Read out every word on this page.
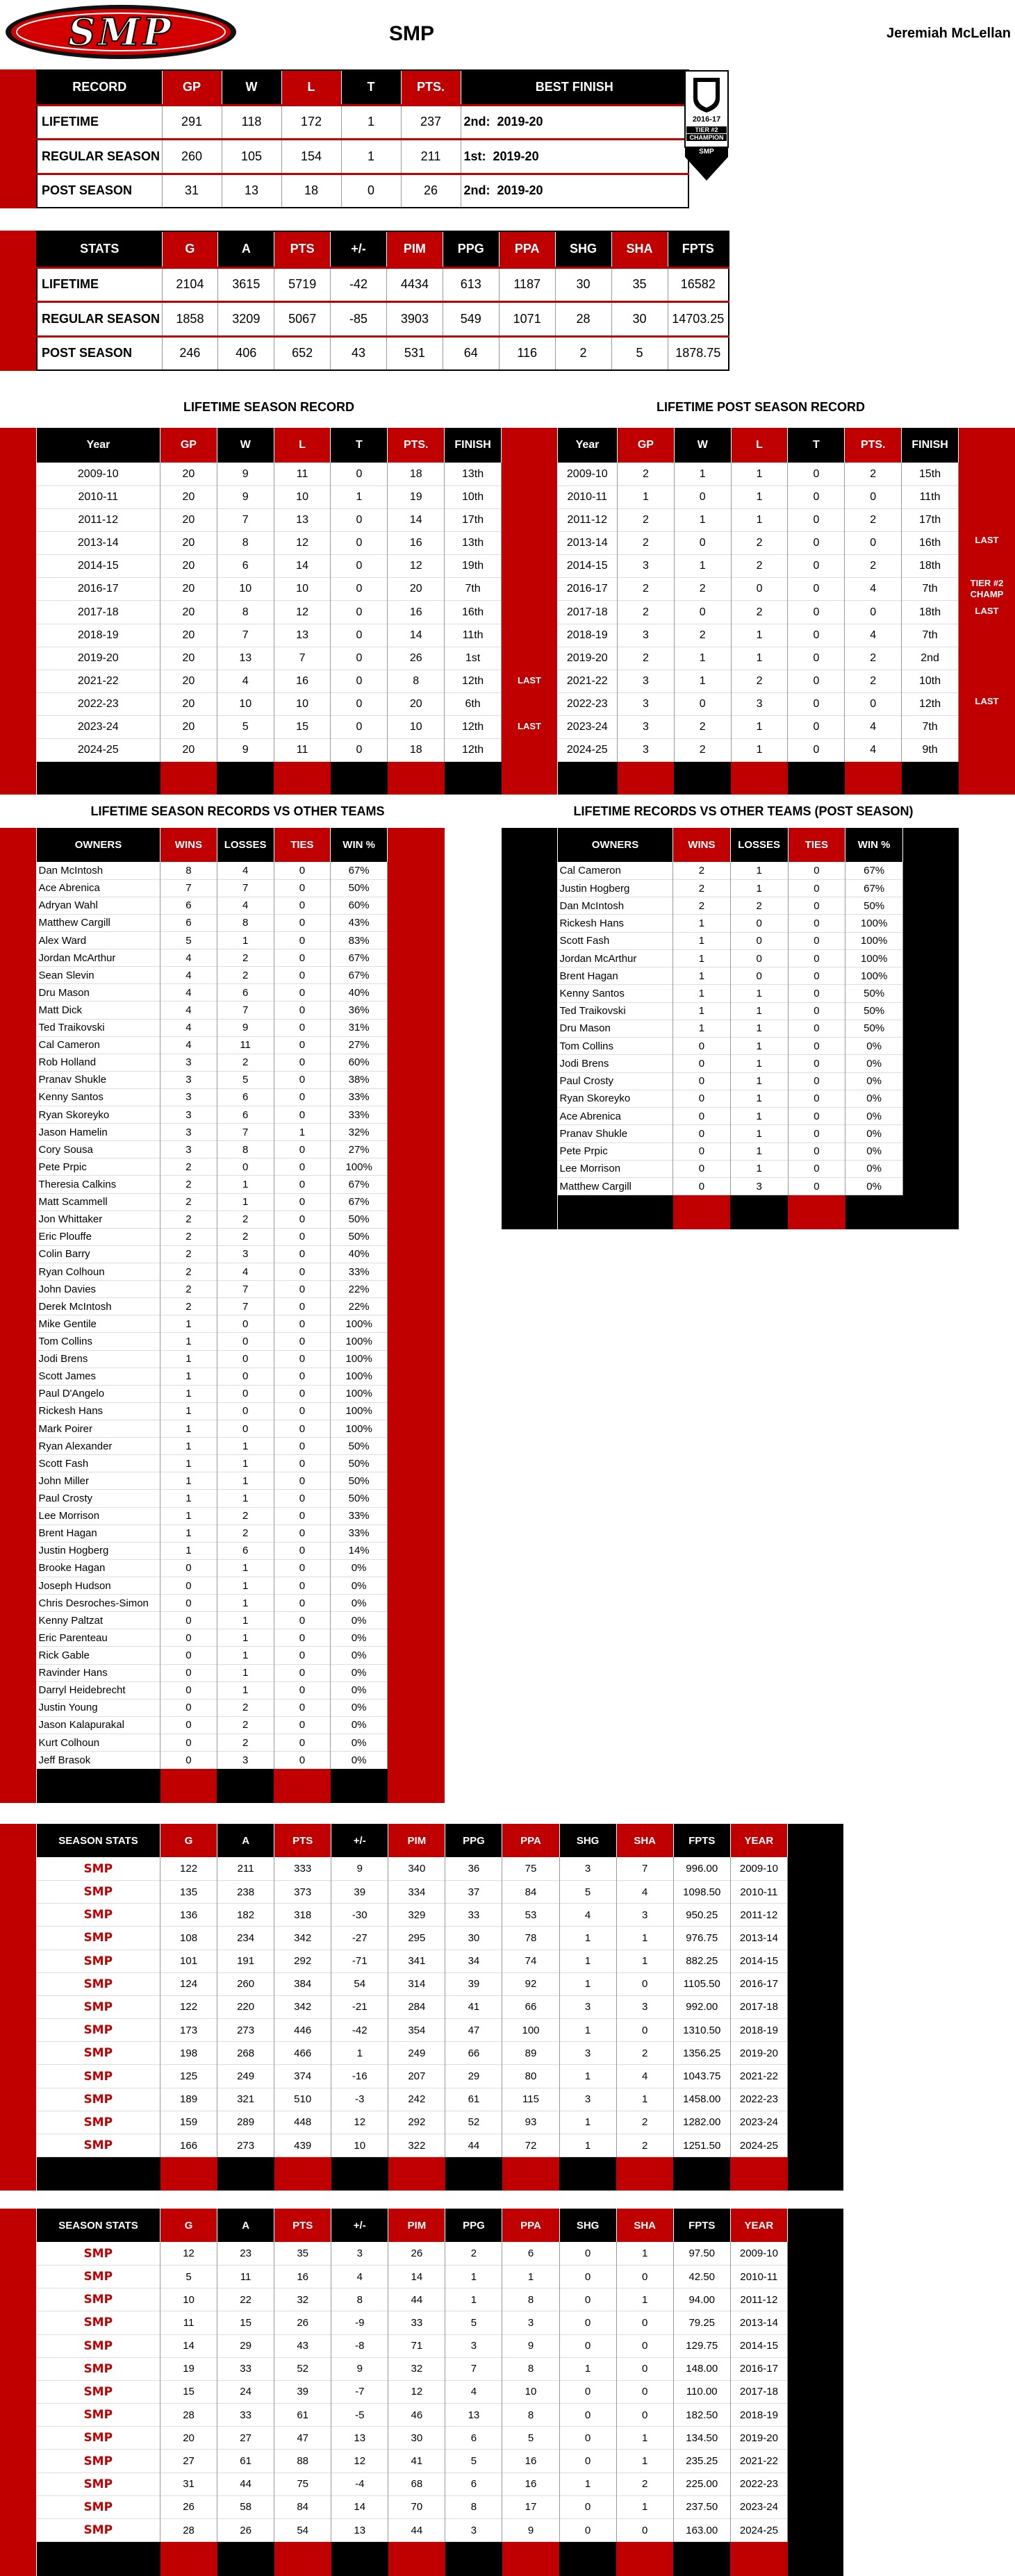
SMP	SMP	Jeremiah McLellan
RECORD	GP	W	L	T	PTS.	BEST FINISH
LIFETIME	291	118	172	1	237	2nd: 2019-20
REGULAR SEASON	260	105	154	1	211	1st: 2019-20
POST SEASON	31	13	18	0	26	2nd: 2019-20
2016-17
TIER #2
CHAMPION
SMP
STATS	G	A	PTS	+/-	PIM	PPG	PPA	SHG	SHA	FPTS
LIFETIME	2104	3615	5719	-42	4434	613	1187	30	35	16582
REGULAR SEASON	1858	3209	5067	-85	3903	549	1071	28	30	14703.25
POST SEASON	246	406	652	43	531	64	116	2	5	1878.75
LIFETIME SEASON RECORD	LIFETIME POST SEASON RECORD
Year	GP	W	L	T	PTS.	FINISH
2009-10	20	9	11	0	18	13th
2010-11	20	9	10	1	19	10th
2011-12	20	7	13	0	14	17th
2013-14	20	8	12	0	16	13th
2014-15	20	6	14	0	12	19th
2016-17	20	10	10	0	20	7th
2017-18	20	8	12	0	16	16th
2018-19	20	7	13	0	14	11th
2019-20	20	13	7	0	26	1st
2021-22	20	4	16	0	8	12th
2022-23	20	10	10	0	20	6th
2023-24	20	5	15	0	10	12th
2024-25	20	9	11	0	18	12th

LAST
LAST
Year	GP	W	L	T	PTS.	FINISH
2009-10	2	1	1	0	2	15th
2010-11	1	0	1	0	0	11th
2011-12	2	1	1	0	2	17th
2013-14	2	0	2	0	0	16th
2014-15	3	1	2	0	2	18th
2016-17	2	2	0	0	4	7th
2017-18	2	0	2	0	0	18th
2018-19	3	2	1	0	4	7th
2019-20	2	1	1	0	2	2nd
2021-22	3	1	2	0	2	10th
2022-23	3	0	3	0	0	12th
2023-24	3	2	1	0	4	7th
2024-25	3	2	1	0	4	9th

LAST
TIER #2
CHAMP
LAST
LAST
LIFETIME SEASON RECORDS VS OTHER TEAMS	LIFETIME RECORDS VS OTHER TEAMS (POST SEASON)
OWNERS	WINS	LOSSES	TIES	WIN %
Dan McIntosh	8	4	0	67%
Ace Abrenica	7	7	0	50%
Adryan Wahl	6	4	0	60%
Matthew Cargill	6	8	0	43%
Alex Ward	5	1	0	83%
Jordan McArthur	4	2	0	67%
Sean Slevin	4	2	0	67%
Dru Mason	4	6	0	40%
Matt Dick	4	7	0	36%
Ted Traikovski	4	9	0	31%
Cal Cameron	4	11	0	27%
Rob Holland	3	2	0	60%
Pranav Shukle	3	5	0	38%
Kenny Santos	3	6	0	33%
Ryan Skoreyko	3	6	0	33%
Jason Hamelin	3	7	1	32%
Cory Sousa	3	8	0	27%
Pete Prpic	2	0	0	100%
Theresia Calkins	2	1	0	67%
Matt Scammell	2	1	0	67%
Jon Whittaker	2	2	0	50%
Eric Plouffe	2	2	0	50%
Colin Barry	2	3	0	40%
Ryan Colhoun	2	4	0	33%
John Davies	2	7	0	22%
Derek McIntosh	2	7	0	22%
Mike Gentile	1	0	0	100%
Tom Collins	1	0	0	100%
Jodi Brens	1	0	0	100%
Scott James	1	0	0	100%
Paul D'Angelo	1	0	0	100%
Rickesh Hans	1	0	0	100%
Mark Poirer	1	0	0	100%
Ryan Alexander	1	1	0	50%
Scott Fash	1	1	0	50%
John Miller	1	1	0	50%
Paul Crosty	1	1	0	50%
Lee Morrison	1	2	0	33%
Brent Hagan	1	2	0	33%
Justin Hogberg	1	6	0	14%
Brooke Hagan	0	1	0	0%
Joseph Hudson	0	1	0	0%
Chris Desroches-Simon	0	1	0	0%
Kenny Paltzat	0	1	0	0%
Eric Parenteau	0	1	0	0%
Rick Gable	0	1	0	0%
Ravinder Hans	0	1	0	0%
Darryl Heidebrecht	0	1	0	0%
Justin Young	0	2	0	0%
Jason Kalapurakal	0	2	0	0%
Kurt Colhoun	0	2	0	0%
Jeff Brasok	0	3	0	0%

OWNERS	WINS	LOSSES	TIES	WIN %
Cal Cameron	2	1	0	67%
Justin Hogberg	2	1	0	67%
Dan McIntosh	2	2	0	50%
Rickesh Hans	1	0	0	100%
Scott Fash	1	0	0	100%
Jordan McArthur	1	0	0	100%
Brent Hagan	1	0	0	100%
Kenny Santos	1	1	0	50%
Ted Traikovski	1	1	0	50%
Dru Mason	1	1	0	50%
Tom Collins	0	1	0	0%
Jodi Brens	0	1	0	0%
Paul Crosty	0	1	0	0%
Ryan Skoreyko	0	1	0	0%
Ace Abrenica	0	1	0	0%
Pranav Shukle	0	1	0	0%
Pete Prpic	0	1	0	0%
Lee Morrison	0	1	0	0%
Matthew Cargill	0	3	0	0%

SEASON STATS	G	A	PTS	+/-	PIM	PPG	PPA	SHG	SHA	FPTS	YEAR
SMP	122	211	333	9	340	36	75	3	7	996.00	2009-10
SMP	135	238	373	39	334	37	84	5	4	1098.50	2010-11
SMP	136	182	318	-30	329	33	53	4	3	950.25	2011-12
SMP	108	234	342	-27	295	30	78	1	1	976.75	2013-14
SMP	101	191	292	-71	341	34	74	1	1	882.25	2014-15
SMP	124	260	384	54	314	39	92	1	0	1105.50	2016-17
SMP	122	220	342	-21	284	41	66	3	3	992.00	2017-18
SMP	173	273	446	-42	354	47	100	1	0	1310.50	2018-19
SMP	198	268	466	1	249	66	89	3	2	1356.25	2019-20
SMP	125	249	374	-16	207	29	80	1	4	1043.75	2021-22
SMP	189	321	510	-3	242	61	115	3	1	1458.00	2022-23
SMP	159	289	448	12	292	52	93	1	2	1282.00	2023-24
SMP	166	273	439	10	322	44	72	1	2	1251.50	2024-25

SEASON STATS	G	A	PTS	+/-	PIM	PPG	PPA	SHG	SHA	FPTS	YEAR
SMP	12	23	35	3	26	2	6	0	1	97.50	2009-10
SMP	5	11	16	4	14	1	1	0	0	42.50	2010-11
SMP	10	22	32	8	44	1	8	0	1	94.00	2011-12
SMP	11	15	26	-9	33	5	3	0	0	79.25	2013-14
SMP	14	29	43	-8	71	3	9	0	0	129.75	2014-15
SMP	19	33	52	9	32	7	8	1	0	148.00	2016-17
SMP	15	24	39	-7	12	4	10	0	0	110.00	2017-18
SMP	28	33	61	-5	46	13	8	0	0	182.50	2018-19
SMP	20	27	47	13	30	6	5	0	1	134.50	2019-20
SMP	27	61	88	12	41	5	16	0	1	235.25	2021-22
SMP	31	44	75	-4	68	6	16	1	2	225.00	2022-23
SMP	26	58	84	14	70	8	17	0	1	237.50	2023-24
SMP	28	26	54	13	44	3	9	0	0	163.00	2024-25
